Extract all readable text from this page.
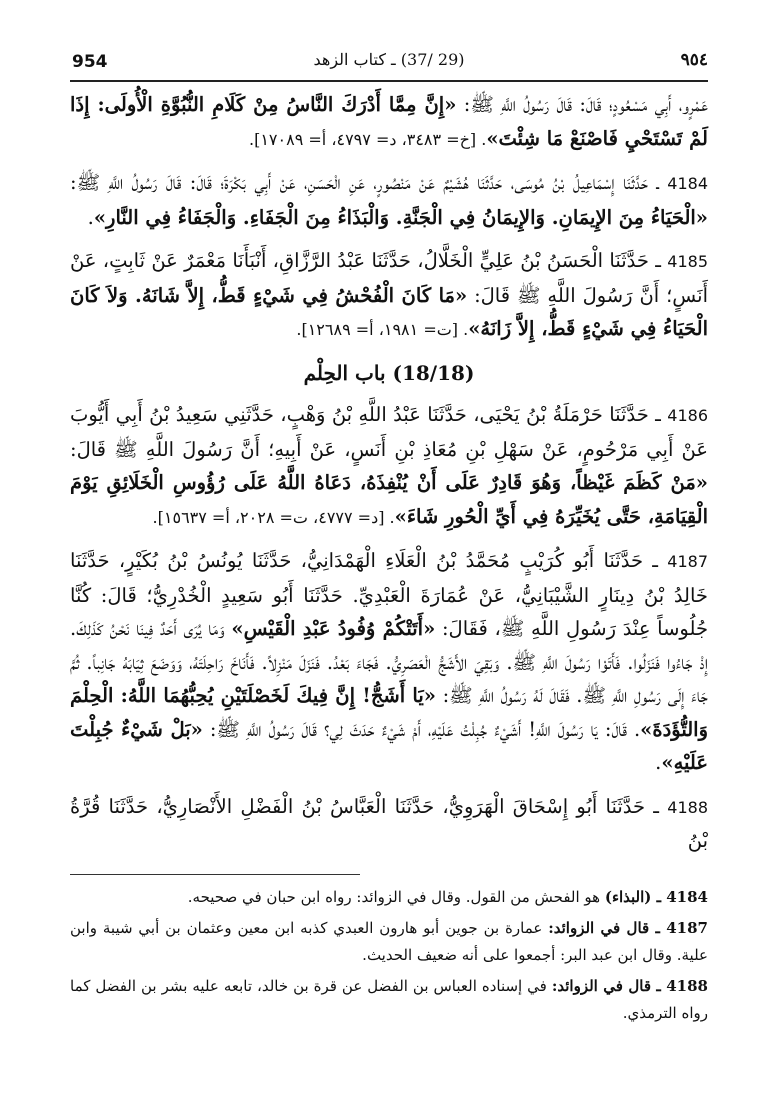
954	(29 /37) ـ كتاب الزهد	٩٥٤

عَمْرٍو، أَبِي مَسْعُودٍ؛ قَالَ: قَالَ رَسُولُ اللَّهِ ﷺ: «إِنَّ مِمَّا أَدْرَكَ النَّاسُ مِنْ كَلَامِ النُّبُوَّةِ الْأُولَى: إِذَا لَمْ تَسْتَحْيِ فَاصْنَعْ مَا شِئْتَ». [خ= ٣٤٨٣، د= ٤٧٩٧، أ= ١٧٠٨٩].

4184 ـ حَدَّثَنَا إِسْمَاعِيلُ بْنُ مُوسَى، حَدَّثَنَا هُشَيْمٌ عَنْ مَنْصُورٍ، عَنِ الْحَسَنِ، عَنْ أَبِي بَكْرَةَ؛ قَالَ: قَالَ رَسُولُ اللَّهِ ﷺ: «الْحَيَاءُ مِنَ الإِيمَانِ. وَالإِيمَانُ فِي الْجَنَّةِ. وَالْبَذَاءُ مِنَ الْجَفَاءِ. وَالْجَفَاءُ فِي النَّارِ».

4185 ـ حَدَّثَنَا الْحَسَنُ بْنُ عَلِيٍّ الْخَلَّالُ، حَدَّثَنَا عَبْدُ الرَّزَّاقِ، أَنْبَأَنَا مَعْمَرٌ عَنْ ثَابِتٍ، عَنْ أَنَسٍ؛ أَنَّ رَسُولَ اللَّهِ ﷺ قَالَ: «مَا كَانَ الْفُحْشُ فِي شَيْءٍ قَطُّ، إِلاَّ شَانَهُ. وَلاَ كَانَ الْحَيَاءُ فِي شَيْءٍ قَطُّ، إِلاَّ زَانَهُ». [ت= ١٩٨١، أ= ١٢٦٨٩].

(18/18) باب الحِلْم

4186 ـ حَدَّثَنَا حَرْمَلَةُ بْنُ يَحْيَى، حَدَّثَنَا عَبْدُ اللَّهِ بْنُ وَهْبٍ، حَدَّثَنِي سَعِيدُ بْنُ أَبِي أَيُّوبَ عَنْ أَبِي مَرْحُومٍ، عَنْ سَهْلِ بْنِ مُعَاذِ بْنِ أَنَسٍ، عَنْ أَبِيهِ؛ أَنَّ رَسُولَ اللَّهِ ﷺ قَالَ: «مَنْ كَظَمَ غَيْظاً، وَهُوَ قَادِرٌ عَلَى أَنْ يُنْفِذَهُ، دَعَاهُ اللَّهُ عَلَى رُؤُوسِ الْخَلَائِقِ يَوْمَ الْقِيَامَةِ، حَتَّى يُخَيِّرَهُ فِي أَيِّ الْحُورِ شَاءَ». [د= ٤٧٧٧، ت= ٢٠٢٨، أ= ١٥٦٣٧].

4187 ـ حَدَّثَنَا أَبُو كُرَيْبٍ مُحَمَّدُ بْنُ الْعَلَاءِ الْهَمْدَانِيُّ، حَدَّثَنَا يُونُسُ بْنُ بُكَيْرٍ، حَدَّثَنَا خَالِدُ بْنُ دِينَارٍ الشَّيْبَانِيُّ، عَنْ عُمَارَةَ الْعَبْدِيِّ. حَدَّثَنَا أَبُو سَعِيدٍ الْخُدْرِيُّ؛ قَالَ: كُنَّا جُلُوساً عِنْدَ رَسُولِ اللَّهِ ﷺ، فَقَالَ: «أَتَتْكُمْ وُفُودُ عَبْدِ الْقَيْسِ» وَمَا يُرَى أَحَدٌ فِينَا نَحْنُ كَذَلِكَ. إِذْ جَاءُوا فَنَزَلُوا. فَأَتَوْا رَسُولَ اللَّهِ ﷺ. وَبَقِيَ الأَشَجُّ الْعَصَرِيُّ. فَجَاءَ بَعْدُ. فَنَزَلَ مَنْزِلاً. فَأَنَاخَ رَاحِلَتَهُ، وَوَضَعَ ثِيَابَهُ جَانِباً. ثُمَّ جَاءَ إِلَى رَسُولِ اللَّهِ ﷺ. فَقَالَ لَهُ رَسُولُ اللَّهِ ﷺ: «يَا أَشَجُّ! إِنَّ فِيكَ لَخَصْلَتَيْنِ يُحِبُّهُمَا اللَّهُ: الْحِلْمَ وَالتُّؤَدَةَ». قَالَ: يَا رَسُولَ اللَّهِ! أَشَيْءٌ جُبِلْتُ عَلَيْهِ، أَمْ شَيْءٌ حَدَثَ لِي؟ قَالَ رَسُولُ اللَّهِ ﷺ: «بَلْ شَيْءٌ جُبِلْتَ عَلَيْهِ».

4188 ـ حَدَّثَنَا أَبُو إِسْحَاقَ الْهَرَوِيُّ، حَدَّثَنَا الْعَبَّاسُ بْنُ الْفَضْلِ الأَنْصَارِيُّ، حَدَّثَنَا قُرَّةُ بْنُ

4184 ـ (البذاء) هو الفحش من القول. وقال في الزوائد: رواه ابن حبان في صحيحه.

4187 ـ قال في الزوائد: عمارة بن جوين أبو هارون العبدي كذبه ابن معين وعثمان بن أبي شيبة وابن علية. وقال ابن عبد البر: أجمعوا على أنه ضعيف الحديث.

4188 ـ قال في الزوائد: في إسناده العباس بن الفضل عن قرة بن خالد، تابعه عليه بشر بن الفضل كما رواه الترمذي.
